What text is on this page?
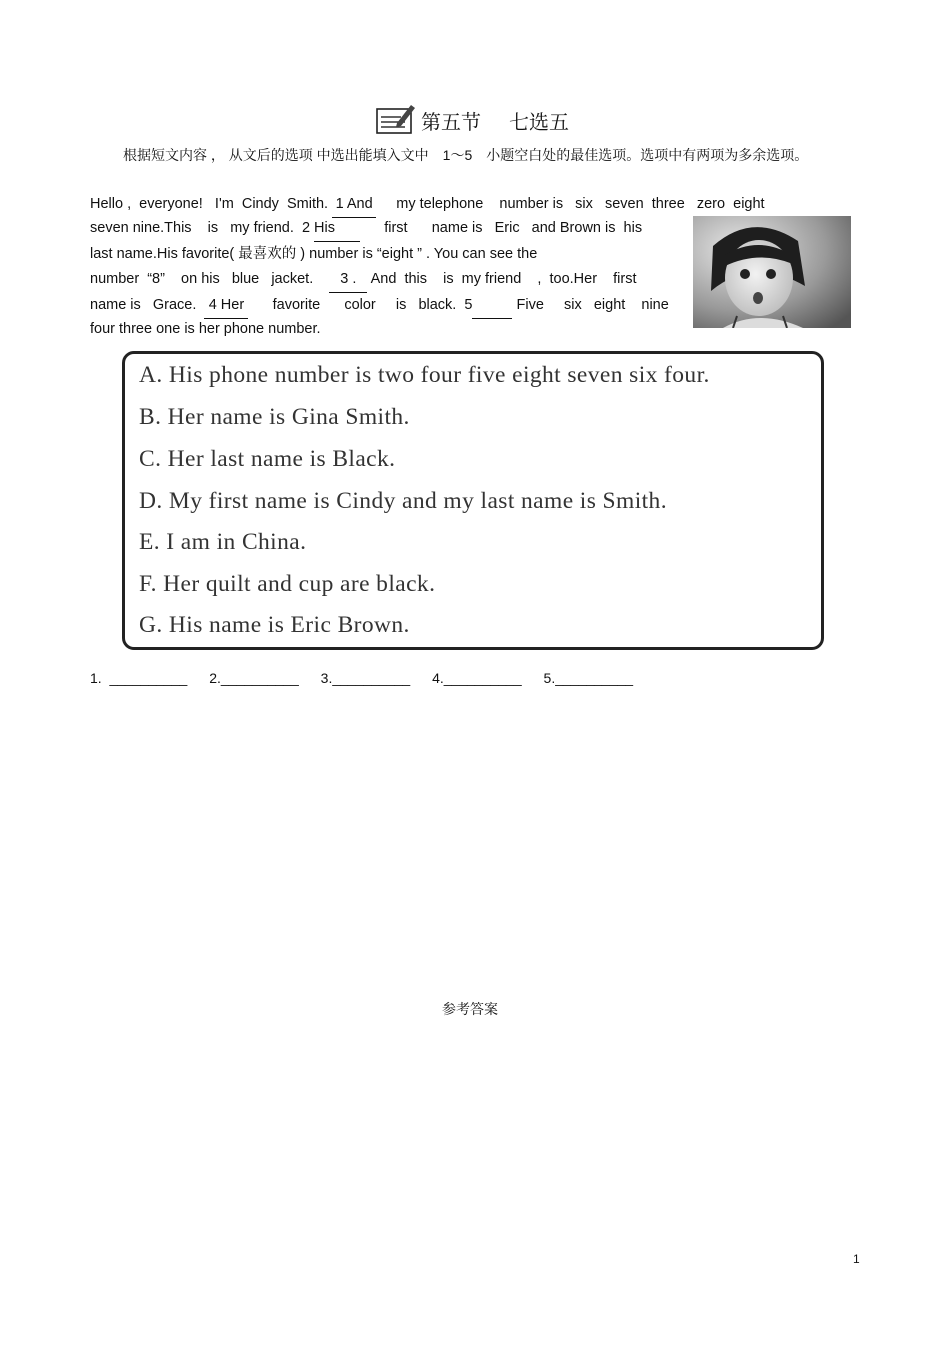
第五节 七选五
根据短文内容 ， 从文后的选项 中选出能填入文中　1～5　小题空白处的最佳选项。选项中有两项为多余选项。
Hello ,  everyone!   I'm  Cindy  Smith. 1 And     my telephone    number is   six   seven  three   zero  eight
seven nine.This    is   my friend.  2 His      first      name is   Eric   and Brown is  his
last name.His favorite( 最喜欢的 ) number is “eight ” . You can see the
number  “8”    on his   blue   jacket.    3 . And  this    is  my friend    ,  too.Her    first
name is   Grace.  4 Her      favorite      color     is   black.  5	Five     six   eight    nine
four three one is her phone number.
A. His phone number is two four five eight seven six four.
B. Her name is Gina Smith.
C. Her last name is Black.
D. My first name is Cindy and my last name is Smith.
E. I am in China.
F. Her quilt and cup are black.
G. His name is Eric Brown.
1.  __________ 2.__________ 3.__________ 4.__________ 5.__________
参考答案
1
